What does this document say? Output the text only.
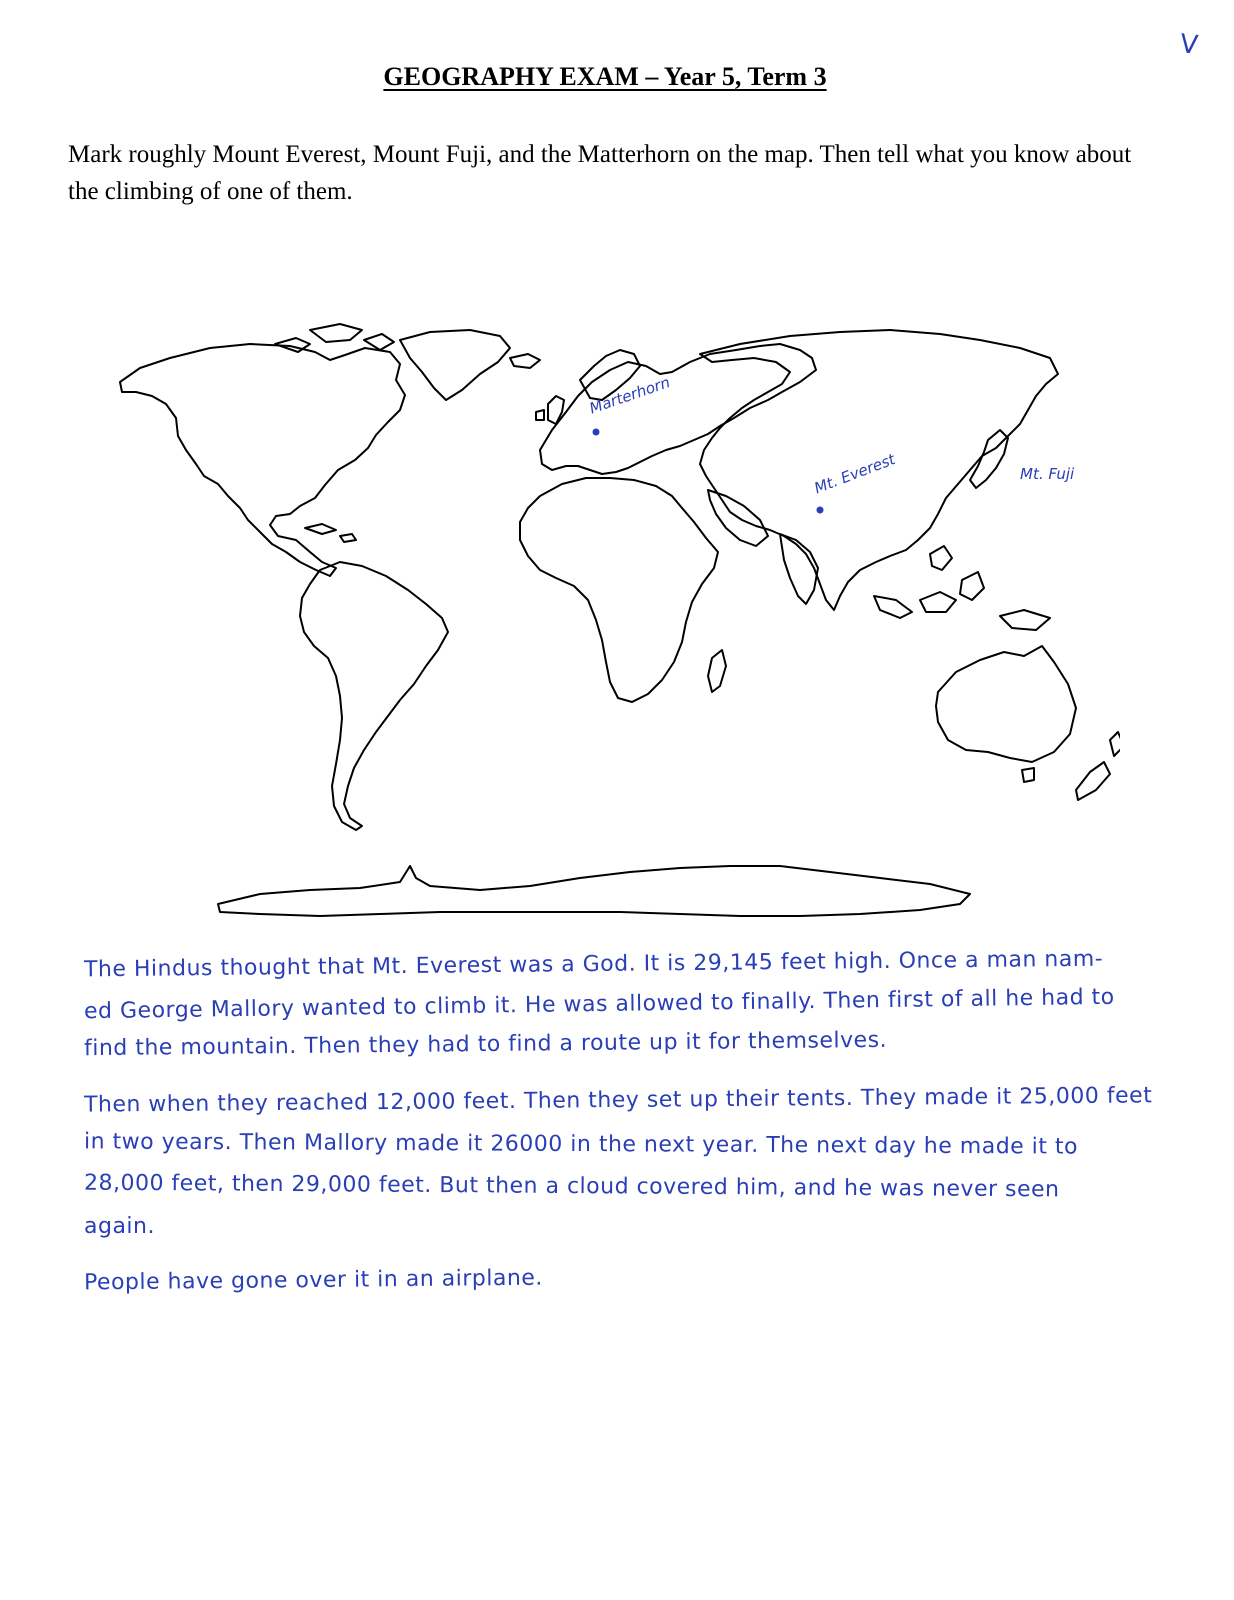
V
GEOGRAPHY EXAM – Year 5, Term 3
Mark roughly Mount Everest, Mount Fuji, and the Matterhorn on the map. Then tell what you know about the climbing of one of them.
Marterhorn
Mt. Everest	Mt. Fuji
The Hindus thought that Mt. Everest was a God. It is 29,145 feet high. Once a man nam-
ed George Mallory wanted to climb it. He was allowed to finally. Then first of all he had to
find the mountain. Then they had to find a route up it for themselves.
Then when they reached 12,000 feet. Then they set up their tents. They made it 25,000 feet
in two years. Then Mallory made it 26000 in the next year. The next day he made it to
28,000 feet, then 29,000 feet. But then a cloud covered him, and he was never seen
again.
People have gone over it in an airplane.
